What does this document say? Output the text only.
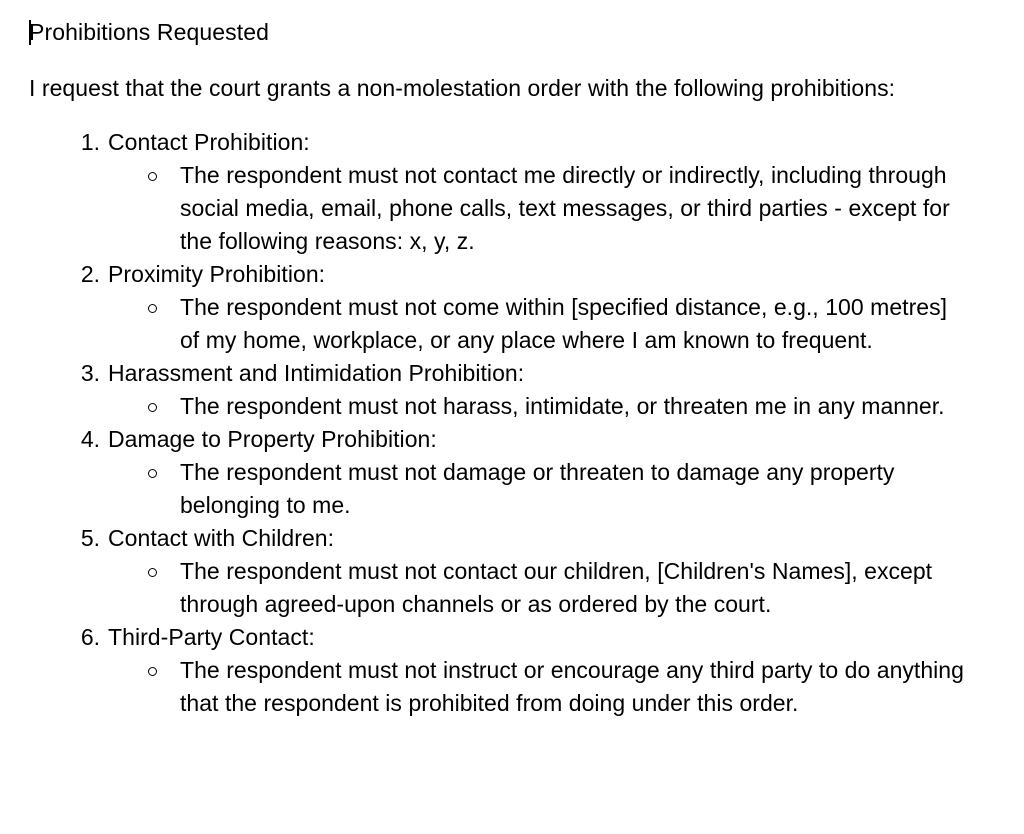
Prohibitions Requested

I request that the court grants a non-molestation order with the following prohibitions:

1. Contact Prohibition:
The respondent must not contact me directly or indirectly, including through social media, email, phone calls, text messages, or third parties - except for the following reasons: x, y, z.
2. Proximity Prohibition:
The respondent must not come within [specified distance, e.g., 100 metres] of my home, workplace, or any place where I am known to frequent.
3. Harassment and Intimidation Prohibition:
The respondent must not harass, intimidate, or threaten me in any manner.
4. Damage to Property Prohibition:
The respondent must not damage or threaten to damage any property belonging to me.
5. Contact with Children:
The respondent must not contact our children, [Children's Names], except through agreed-upon channels or as ordered by the court.
6. Third-Party Contact:
The respondent must not instruct or encourage any third party to do anything that the respondent is prohibited from doing under this order.
